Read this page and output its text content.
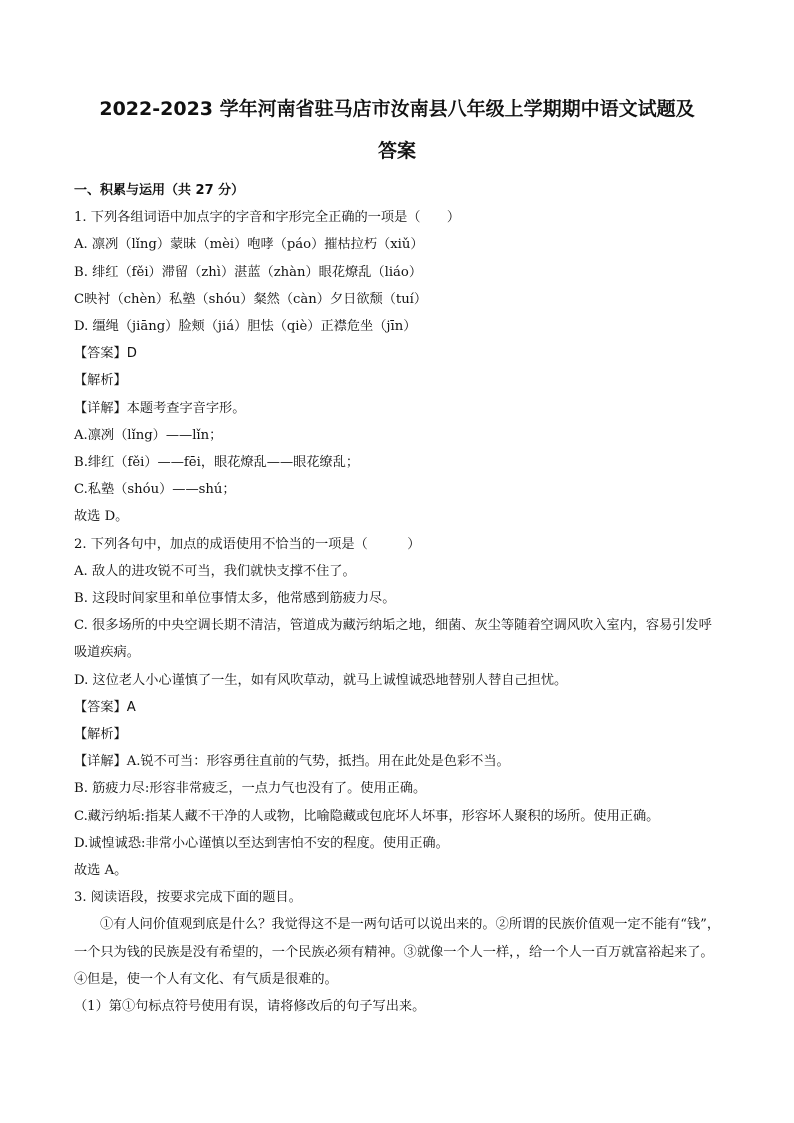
2022-2023 学年河南省驻马店市汝南县八年级上学期期中语文试题及
答案
一、积累与运用（共 27 分）
1. 下列各组词语中加点字的字音和字形完全正确的一项是（　　）
A. 凛冽（lǐng）蒙昧（mèi）咆哮（páo）摧枯拉朽（xiǔ）
B. 绯红（fěi）滞留（zhì）湛蓝（zhàn）眼花燎乱（liáo）
C映衬（chèn）私塾（shóu）粲然（càn）夕日欲颓（tuí）
D. 缰绳（jiāng）脸颊（jiá）胆怯（qiè）正襟危坐（jīn）
【答案】D
【解析】
【详解】本题考查字音字形。
A.凛冽（lǐng）——lǐn；
B.绯红（fěi）——fēi，眼花燎乱——眼花缭乱；
C.私塾（shóu）——shú；
故选 D。
2. 下列各句中，加点的成语使用不恰当的一项是（　　　）
A. 敌人的进攻锐不可当，我们就快支撑不住了。
B. 这段时间家里和单位事情太多，他常感到筋疲力尽。
C. 很多场所的中央空调长期不清洁，管道成为藏污纳垢之地，细菌、灰尘等随着空调风吹入室内，容易引发呼吸道疾病。
D. 这位老人小心谨慎了一生，如有风吹草动，就马上诚惶诚恐地替别人替自己担忧。
【答案】A
【解析】
【详解】A.锐不可当：形容勇往直前的气势，抵挡。用在此处是色彩不当。
B. 筋疲力尽:形容非常疲乏，一点力气也没有了。使用正确。
C.藏污纳垢:指某人藏不干净的人或物，比喻隐藏或包庇坏人坏事，形容坏人聚积的场所。使用正确。
D.诚惶诚恐:非常小心谨慎以至达到害怕不安的程度。使用正确。
故选 A。
3. 阅读语段，按要求完成下面的题目。
①有人问价值观到底是什么？我觉得这不是一两句话可以说出来的。②所谓的民族价值观一定不能有“钱”，一个只为钱的民族是没有希望的，一个民族必须有精神。③就像一个人一样，，给一个人一百万就富裕起来了。④但是，使一个人有文化、有气质是很难的。
（1）第①句标点符号使用有误，请将修改后的句子写出来。
